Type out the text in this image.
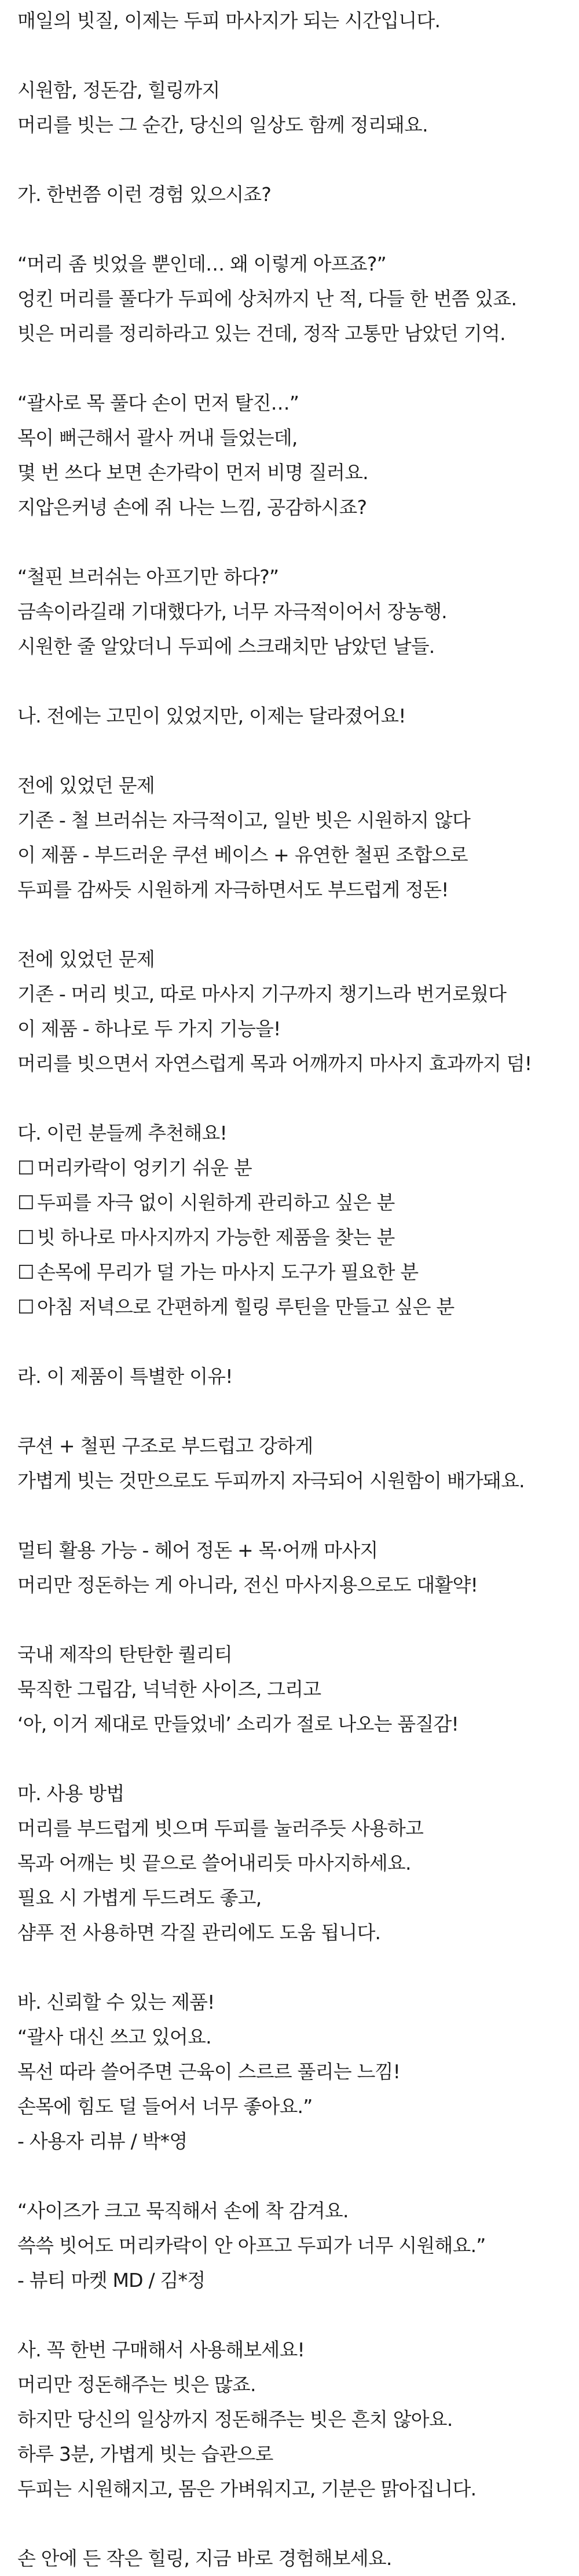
매일의 빗질, 이제는 두피 마사지가 되는 시간입니다.
시원함, 정돈감, 힐링까지
머리를 빗는 그 순간, 당신의 일상도 함께 정리돼요.
가. 한번쯤 이런 경험 있으시죠?
“머리 좀 빗었을 뿐인데… 왜 이렇게 아프죠?”
엉킨 머리를 풀다가 두피에 상처까지 난 적, 다들 한 번쯤 있죠.
빗은 머리를 정리하라고 있는 건데, 정작 고통만 남았던 기억.
“괄사로 목 풀다 손이 먼저 탈진…”
목이 뻐근해서 괄사 꺼내 들었는데,
몇 번 쓰다 보면 손가락이 먼저 비명 질러요.
지압은커녕 손에 쥐 나는 느낌, 공감하시죠?
“철핀 브러쉬는 아프기만 하다?”
금속이라길래 기대했다가, 너무 자극적이어서 장농행.
시원한 줄 알았더니 두피에 스크래치만 남았던 날들.
나. 전에는 고민이 있었지만, 이제는 달라졌어요!
전에 있었던 문제
기존 - 철 브러쉬는 자극적이고, 일반 빗은 시원하지 않다
이 제품 - 부드러운 쿠션 베이스 + 유연한 철핀 조합으로
두피를 감싸듯 시원하게 자극하면서도 부드럽게 정돈!
전에 있었던 문제
기존 - 머리 빗고, 따로 마사지 기구까지 챙기느라 번거로웠다
이 제품 - 하나로 두 가지 기능을!
머리를 빗으면서 자연스럽게 목과 어깨까지 마사지 효과까지 덤!
다. 이런 분들께 추천해요!
☐ 머리카락이 엉키기 쉬운 분
☐ 두피를 자극 없이 시원하게 관리하고 싶은 분
☐ 빗 하나로 마사지까지 가능한 제품을 찾는 분
☐ 손목에 무리가 덜 가는 마사지 도구가 필요한 분
☐ 아침 저녁으로 간편하게 힐링 루틴을 만들고 싶은 분
라. 이 제품이 특별한 이유!
쿠션 + 철핀 구조로 부드럽고 강하게
가볍게 빗는 것만으로도 두피까지 자극되어 시원함이 배가돼요.
멀티 활용 가능 - 헤어 정돈 + 목·어깨 마사지
머리만 정돈하는 게 아니라, 전신 마사지용으로도 대활약!
국내 제작의 탄탄한 퀄리티
묵직한 그립감, 넉넉한 사이즈, 그리고
‘아, 이거 제대로 만들었네’ 소리가 절로 나오는 품질감!
마. 사용 방법
머리를 부드럽게 빗으며 두피를 눌러주듯 사용하고
목과 어깨는 빗 끝으로 쓸어내리듯 마사지하세요.
필요 시 가볍게 두드려도 좋고,
샴푸 전 사용하면 각질 관리에도 도움 됩니다.
바. 신뢰할 수 있는 제품!
“괄사 대신 쓰고 있어요.
목선 따라 쓸어주면 근육이 스르르 풀리는 느낌!
손목에 힘도 덜 들어서 너무 좋아요.”
- 사용자 리뷰 / 박*영
“사이즈가 크고 묵직해서 손에 착 감겨요.
쓱쓱 빗어도 머리카락이 안 아프고 두피가 너무 시원해요.”
- 뷰티 마켓 MD / 김*정
사. 꼭 한번 구매해서 사용해보세요!
머리만 정돈해주는 빗은 많죠.
하지만 당신의 일상까지 정돈해주는 빗은 흔치 않아요.
하루 3분, 가볍게 빗는 습관으로
두피는 시원해지고, 몸은 가벼워지고, 기분은 맑아집니다.
손 안에 든 작은 힐링, 지금 바로 경험해보세요.
